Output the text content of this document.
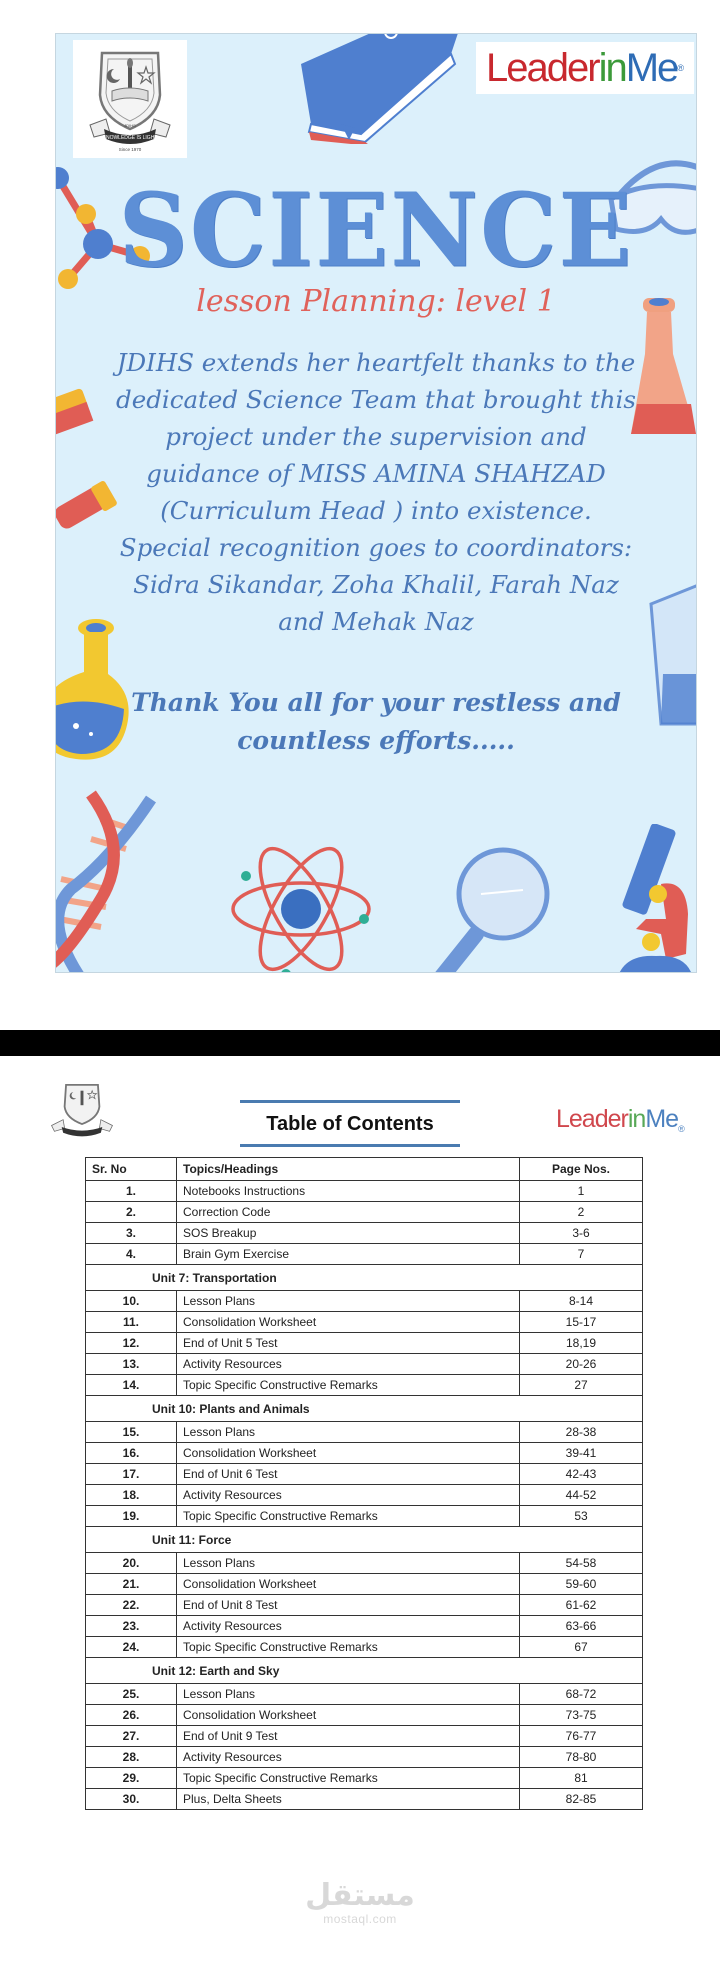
KNOWLEDGE IS LIGHT
JDIHS
Since 1970
Leader in Me ®
SCIENCE
lesson Planning: level 1
JDIHS extends her heartfelt thanks to the
dedicated Science Team that brought this
project under the supervision and
guidance of MISS AMINA SHAHZAD
(Curriculum Head ) into existence.
Special recognition goes to coordinators:
Sidra Sikandar, Zoha Khalil, Farah Naz
and Mehak Naz
Thank You all for your restless and
countless efforts.....
Table of Contents	LeaderinMe®
Sr. No	Topics/Headings	Page Nos.
1.	Notebooks Instructions	1
2.	Correction Code	2
3.	SOS Breakup	3-6
4.	Brain Gym Exercise	7
Unit 7: Transportation		
10.	Lesson Plans	8-14
11.	Consolidation Worksheet	15-17
12.	End of Unit 5 Test	18,19
13.	Activity Resources	20-26
14.	Topic Specific Constructive Remarks	27
Unit 10: Plants and Animals		
15.	Lesson Plans	28-38
16.	Consolidation Worksheet	39-41
17.	End of Unit 6 Test	42-43
18.	Activity Resources	44-52
19.	Topic Specific Constructive Remarks	53
Unit 11: Force		
20.	Lesson Plans	54-58
21.	Consolidation Worksheet	59-60
22.	End of Unit 8 Test	61-62
23.	Activity Resources	63-66
24.	Topic Specific Constructive Remarks	67
Unit 12: Earth and Sky		
25.	Lesson Plans	68-72
26.	Consolidation Worksheet	73-75
27.	End of Unit 9 Test	76-77
28.	Activity Resources	78-80
29.	Topic Specific Constructive Remarks	81
30.	Plus, Delta Sheets	82-85
مستقل
mostaql.com
